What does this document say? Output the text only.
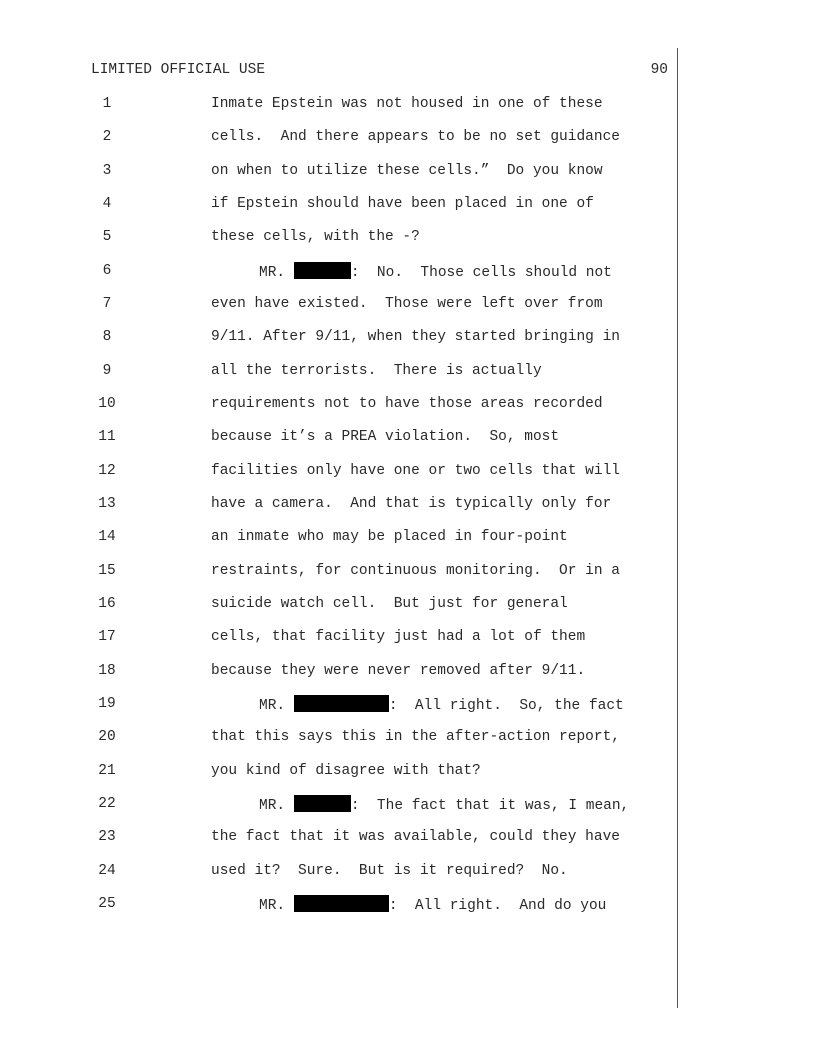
LIMITED OFFICIAL USE	90
1	Inmate Epstein was not housed in one of these
2	cells.  And there appears to be no set guidance
3	on when to utilize these cells.”  Do you know
4	if Epstein should have been placed in one of
5	these cells, with the -?
6	MR.	:  No.  Those cells should not
7	even have existed.  Those were left over from
8	9/11. After 9/11, when they started bringing in
9	all the terrorists.  There is actually
10	requirements not to have those areas recorded
11	because it’s a PREA violation.  So, most
12	facilities only have one or two cells that will
13	have a camera.  And that is typically only for
14	an inmate who may be placed in four-point
15	restraints, for continuous monitoring.  Or in a
16	suicide watch cell.  But just for general
17	cells, that facility just had a lot of them
18	because they were never removed after 9/11.
19	MR.	:  All right.  So, the fact
20	that this says this in the after-action report,
21	you kind of disagree with that?
22	MR.	:  The fact that it was, I mean,
23	the fact that it was available, could they have
24	used it?  Sure.  But is it required?  No.
25	MR.	:  All right.  And do you
